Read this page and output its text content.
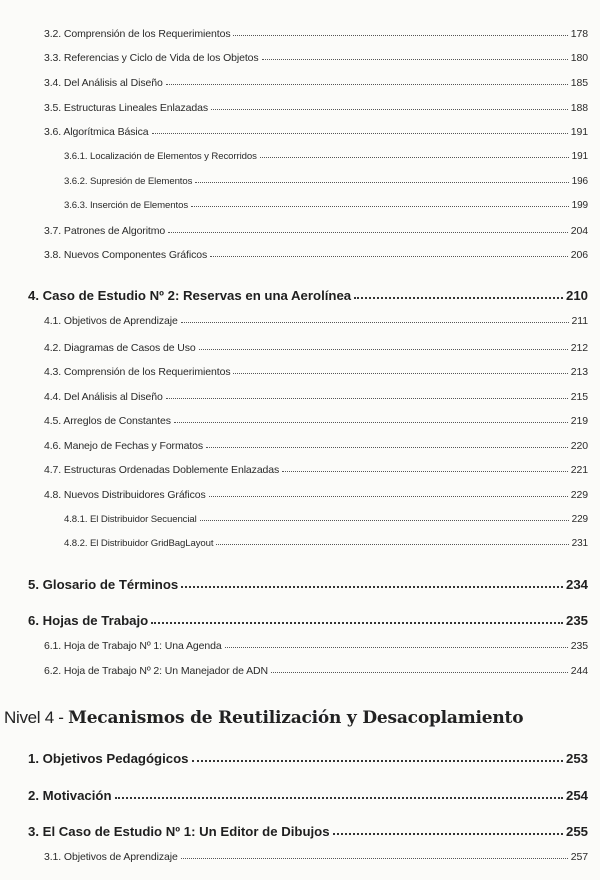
3.2. Comprensión de los Requerimientos	178
3.3. Referencias y Ciclo de Vida de los Objetos	180
3.4. Del Análisis al Diseño	185
3.5. Estructuras Lineales Enlazadas	188
3.6. Algorítmica Básica	191
3.6.1. Localización de Elementos y Recorridos	191
3.6.2. Supresión de Elementos	196
3.6.3. Inserción de Elementos	199
3.7. Patrones de Algoritmo	204
3.8. Nuevos Componentes Gráficos	206
4. Caso de Estudio Nº 2: Reservas en una Aerolínea	210
4.1. Objetivos de Aprendizaje	211
4.2. Diagramas de Casos de Uso	212
4.3. Comprensión de los Requerimientos	213
4.4. Del Análisis al Diseño	215
4.5. Arreglos de Constantes	219
4.6. Manejo de Fechas y Formatos	220
4.7. Estructuras Ordenadas Doblemente Enlazadas	221
4.8. Nuevos Distribuidores Gráficos	229
4.8.1. El Distribuidor Secuencial	229
4.8.2. El Distribuidor GridBagLayout	231
5. Glosario de Términos	234
6. Hojas de Trabajo	235
6.1. Hoja de Trabajo Nº 1: Una Agenda	235
6.2. Hoja de Trabajo Nº 2: Un Manejador de ADN	244
Nivel 4 - Mecanismos de Reutilización y Desacoplamiento
1. Objetivos Pedagógicos	253
2. Motivación	254
3. El Caso de Estudio Nº 1: Un Editor de Dibujos	255
3.1. Objetivos de Aprendizaje	257
